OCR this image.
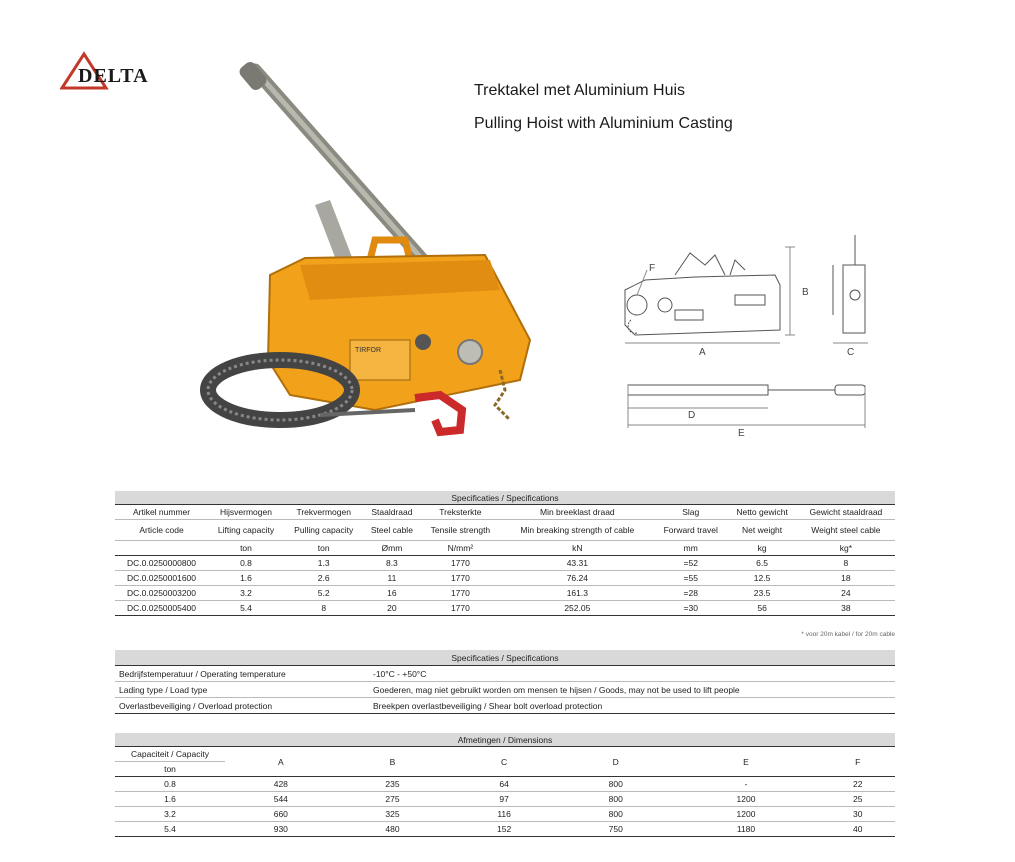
DELTA
Trektakel met Aluminium Huis
Pulling Hoist with Aluminium Casting
TIRFOR	A
B
F
C
D
E
Specificaties / Specifications								
Artikel nummer	Hijsvermogen	Trekvermogen	Staaldraad	Treksterkte	Min breeklast draad	Slag	Netto gewicht	Gewicht staaldraad
Article code	Lifting capacity	Pulling capacity	Steel cable	Tensile strength	Min breaking strength of cable	Forward travel	Net weight	Weight steel cable
	ton	ton	Ømm	N/mm²	kN	mm	kg	kg*
DC.0.0250000800	0.8	1.3	8.3	1770	43.31	=52	6.5	8
DC.0.0250001600	1.6	2.6	11	1770	76.24	=55	12.5	18
DC.0.0250003200	3.2	5.2	16	1770	161.3	=28	23.5	24
DC.0.0250005400	5.4	8	20	1770	252.05	=30	56	38
* voor 20m kabel / for 20m cable
Specificaties / Specifications	
Bedrijfstemperatuur / Operating temperature	-10°C - +50°C
Lading type / Load type	Goederen, mag niet gebruikt worden om mensen te hijsen / Goods, may not be used to lift people
Overlastbeveiliging / Overload protection	Breekpen overlastbeveiliging / Shear bolt overload protection
Afmetingen / Dimensions						
Capaciteit / Capacity	A	B	C	D	E	F
ton						
0.8	428	235	64	800	-	22
1.6	544	275	97	800	1200	25
3.2	660	325	116	800	1200	30
5.4	930	480	152	750	1180	40
